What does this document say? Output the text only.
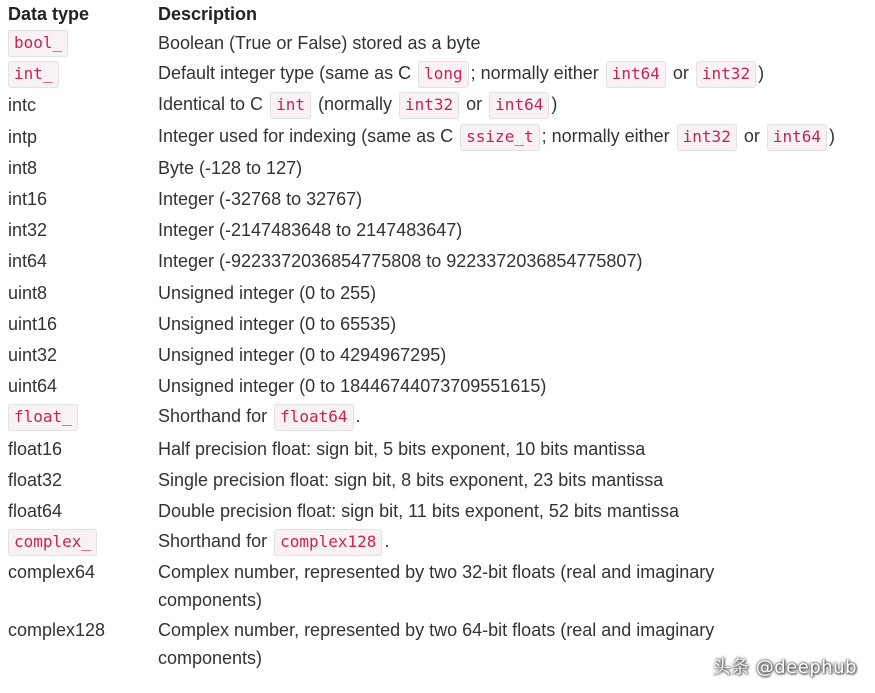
Data type	Description
bool_	Boolean (True or False) stored as a byte
int_	Default integer type (same as C long ; normally either int64 or int32 )
intc	Identical to C int (normally int32 or int64 )
intp	Integer used for indexing (same as C ssize_t ; normally either int32 or int64 )
int8	Byte (-128 to 127)
int16	Integer (-32768 to 32767)
int32	Integer (-2147483648 to 2147483647)
int64	Integer (-9223372036854775808 to 9223372036854775807)
uint8	Unsigned integer (0 to 255)
uint16	Unsigned integer (0 to 65535)
uint32	Unsigned integer (0 to 4294967295)
uint64	Unsigned integer (0 to 18446744073709551615)
float_	Shorthand for float64 .
float16	Half precision float: sign bit, 5 bits exponent, 10 bits mantissa
float32	Single precision float: sign bit, 8 bits exponent, 23 bits mantissa
float64	Double precision float: sign bit, 11 bits exponent, 52 bits mantissa
complex_	Shorthand for complex128 .
complex64	Complex number, represented by two 32-bit floats (real and imaginary components)
complex128	Complex number, represented by two 64-bit floats (real and imaginary components)	头条 @deephub
